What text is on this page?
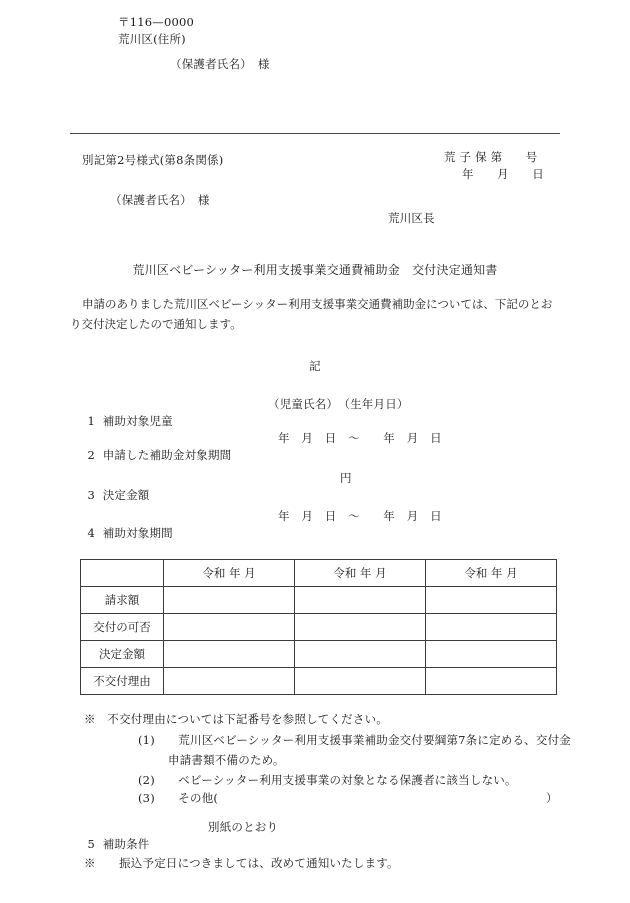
〒116—0000
荒川区(住所)
（保護者氏名）　様
別記第2号様式(第8条関係)	荒 子 保 第　　号
年　　月　　日
（保護者氏名）　様
荒川区長
荒川区ベビーシッター利用支援事業交通費補助金　交付決定通知書
申請のありました荒川区ベビーシッター利用支援事業交通費補助金については、下記のとおり交付決定したので通知します。
記

1 補助対象児童

（児童氏名）　（生年月日）

2 申請した補助金対象期間

年　月　日　〜　　年　月　日

3 決定金額

円

4 補助対象期間

年　月　日　〜　　年　月　日
	令和 年 月	令和 年 月	令和 年 月
請求額			
交付の可否			
決定金額			
不交付理由			
※　不交付理由については下記番号を参照してください。
(1)　　荒川区ベビーシッター利用支援事業補助金交付要綱第7条に定める、交付金
申請書類不備のため。
(2)　　ベビーシッター利用支援事業の対象となる保護者に該当しない。
(3)　　その他(	）

5 補助条件

別紙のとおり
※　　振込予定日につきましては、改めて通知いたします。
